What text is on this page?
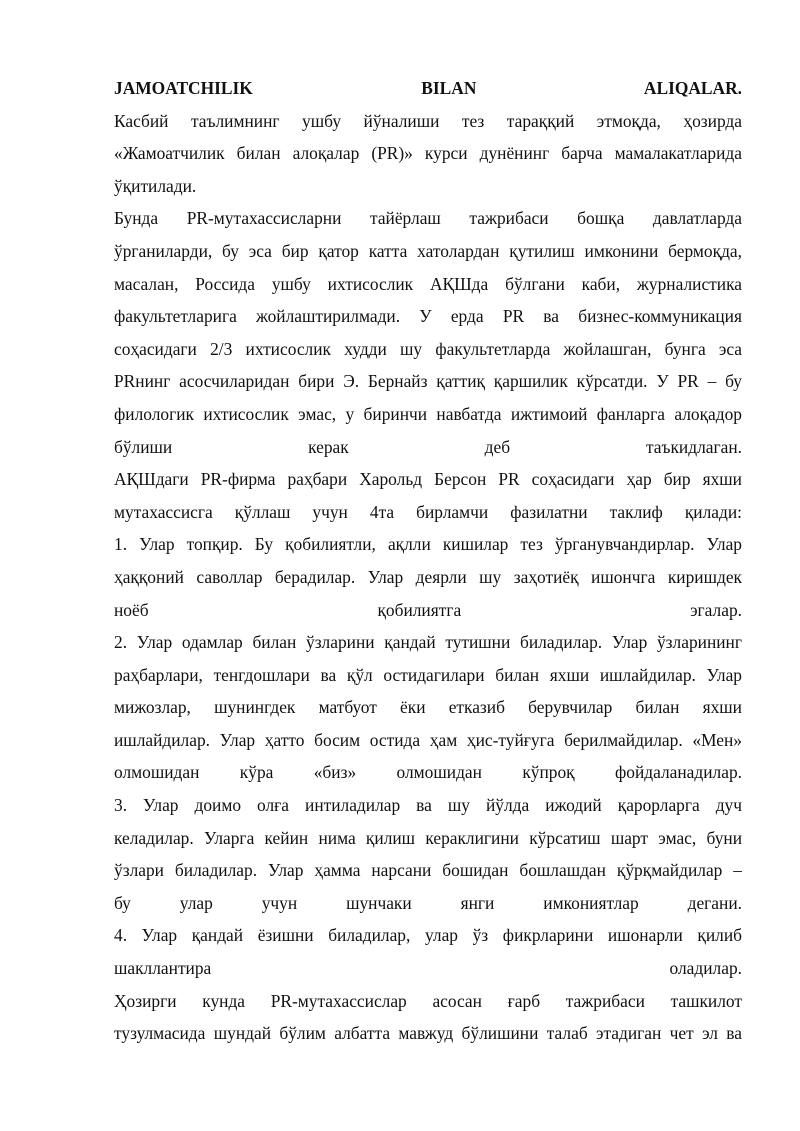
JAMOATCHILIK	BILAN	ALIQALAR.
Касбий таълимнинг ушбу йўналиши тез тараққий этмоқда, ҳозирда
«Жамоатчилик билан алоқалар (PR)» курси дунёнинг барча мамалакатларида
ўқитилади.
Бунда PR-мутахассисларни тайёрлаш тажрибаси бошқа давлатларда
ўрганиларди, бу эса бир қатор катта хатолардан қутилиш имконини бермоқда,
масалан, Россида ушбу ихтисослик АҚШда бўлгани каби, журналистика
факультетларига жойлаштирилмади. У ерда PR ва бизнес-коммуникация
соҳасидаги 2/3 ихтисослик худди шу факультетларда жойлашган, бунга эса
PRнинг асосчиларидан бири Э. Бернайз қаттиқ қаршилик кўрсатди. У PR – бу
филологик ихтисослик эмас, у биринчи навбатда ижтимоий фанларга алоқадор
бўлиши керак деб таъкидлаган.
АҚШдаги PR-фирма раҳбари Харольд Берсон PR соҳасидаги ҳар бир яхши
мутахассисга қўллаш учун 4та бирламчи фазилатни таклиф қилади:
1. Улар топқир. Бу қобилиятли, ақлли кишилар тез ўрганувчандирлар. Улар
ҳаққоний саволлар берадилар. Улар деярли шу заҳотиёқ ишончга киришдек
ноёб қобилиятга эгалар.
2. Улар одамлар билан ўзларини қандай тутишни биладилар. Улар ўзларининг
раҳбарлари, тенгдошлари ва қўл остидагилари билан яхши ишлайдилар. Улар
мижозлар, шунингдек матбуот ёки етказиб берувчилар билан яхши
ишлайдилар. Улар ҳатто босим остида ҳам ҳис-туйғуга берилмайдилар. «Мен»
олмошидан кўра «биз» олмошидан кўпроқ фойдаланадилар.
3. Улар доимо олға интиладилар ва шу йўлда ижодий қарорларга дуч
келадилар. Уларга кейин нима қилиш кераклигини кўрсатиш шарт эмас, буни
ўзлари биладилар. Улар ҳамма нарсани бошидан бошлашдан қўрқмайдилар –
бу улар учун шунчаки янги имкониятлар дегани.
4. Улар қандай ёзишни биладилар, улар ўз фикрларини ишонарли қилиб
шакллантира оладилар.
Ҳозирги кунда PR-мутахассислар асосан ғарб тажрибаси ташкилот
тузулмасида шундай бўлим албатта мавжуд бўлишини талаб этадиган чет эл ва
